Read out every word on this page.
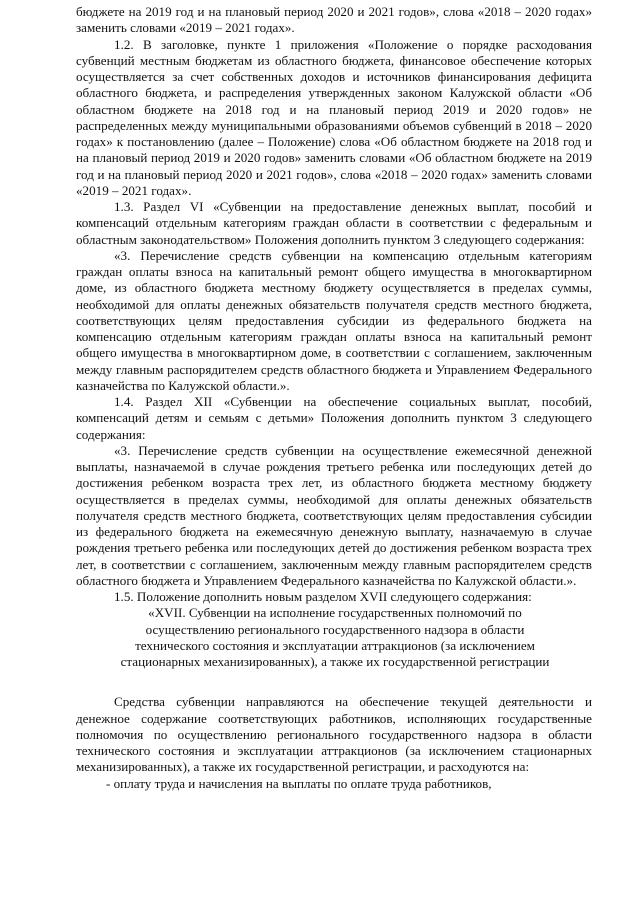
бюджете на 2019 год и на плановый период 2020 и 2021 годов», слова «2018 – 2020 годах» заменить словами «2019 – 2021 годах».

1.2. В заголовке, пункте 1 приложения «Положение о порядке расходования субвенций местным бюджетам из областного бюджета, финансовое обеспечение которых осуществляется за счет собственных доходов и источников финансирования дефицита областного бюджета, и распределения утвержденных законом Калужской области «Об областном бюджете на 2018 год и на плановый период 2019 и 2020 годов» не распределенных между муниципальными образованиями объемов субвенций в 2018 – 2020 годах» к постановлению (далее – Положение) слова «Об областном бюджете на 2018 год и на плановый период 2019 и 2020 годов» заменить словами «Об областном бюджете на 2019 год и на плановый период 2020 и 2021 годов», слова «2018 – 2020 годах» заменить словами «2019 – 2021 годах».

1.3. Раздел VI «Субвенции на предоставление денежных выплат, пособий и компенсаций отдельным категориям граждан области в соответствии с федеральным и областным законодательством» Положения дополнить пунктом 3 следующего содержания:

«3. Перечисление средств субвенции на компенсацию отдельным категориям граждан оплаты взноса на капитальный ремонт общего имущества в многоквартирном доме, из областного бюджета местному бюджету осуществляется в пределах суммы, необходимой для оплаты денежных обязательств получателя средств местного бюджета, соответствующих целям предоставления субсидии из федерального бюджета на компенсацию отдельным категориям граждан оплаты взноса на капитальный ремонт общего имущества в многоквартирном доме, в соответствии с соглашением, заключенным между главным распорядителем средств областного бюджета и Управлением Федерального казначейства по Калужской области.».

1.4. Раздел XII «Субвенции на обеспечение социальных выплат, пособий, компенсаций детям и семьям с детьми» Положения дополнить пунктом 3 следующего содержания:

«3. Перечисление средств субвенции на осуществление ежемесячной денежной выплаты, назначаемой в случае рождения третьего ребенка или последующих детей до достижения ребенком возраста трех лет, из областного бюджета местному бюджету осуществляется в пределах суммы, необходимой для оплаты денежных обязательств получателя средств местного бюджета, соответствующих целям предоставления субсидии из федерального бюджета на ежемесячную денежную выплату, назначаемую в случае рождения третьего ребенка или последующих детей до достижения ребенком возраста трех лет, в соответствии с соглашением, заключенным между главным распорядителем средств областного бюджета и Управлением Федерального казначейства по Калужской области.».

1.5. Положение дополнить новым разделом XVII следующего содержания:

«XVII. Субвенции на исполнение государственных полномочий по осуществлению регионального государственного надзора в области технического состояния и эксплуатации аттракционов (за исключением стационарных механизированных), а также их государственной регистрации

Средства субвенции направляются на обеспечение текущей деятельности и денежное содержание соответствующих работников, исполняющих государственные полномочия по осуществлению регионального государственного надзора в области технического состояния и эксплуатации аттракционов (за исключением стационарных механизированных), а также их государственной регистрации, и расходуются на:

- оплату труда и начисления на выплаты по оплате труда работников,
